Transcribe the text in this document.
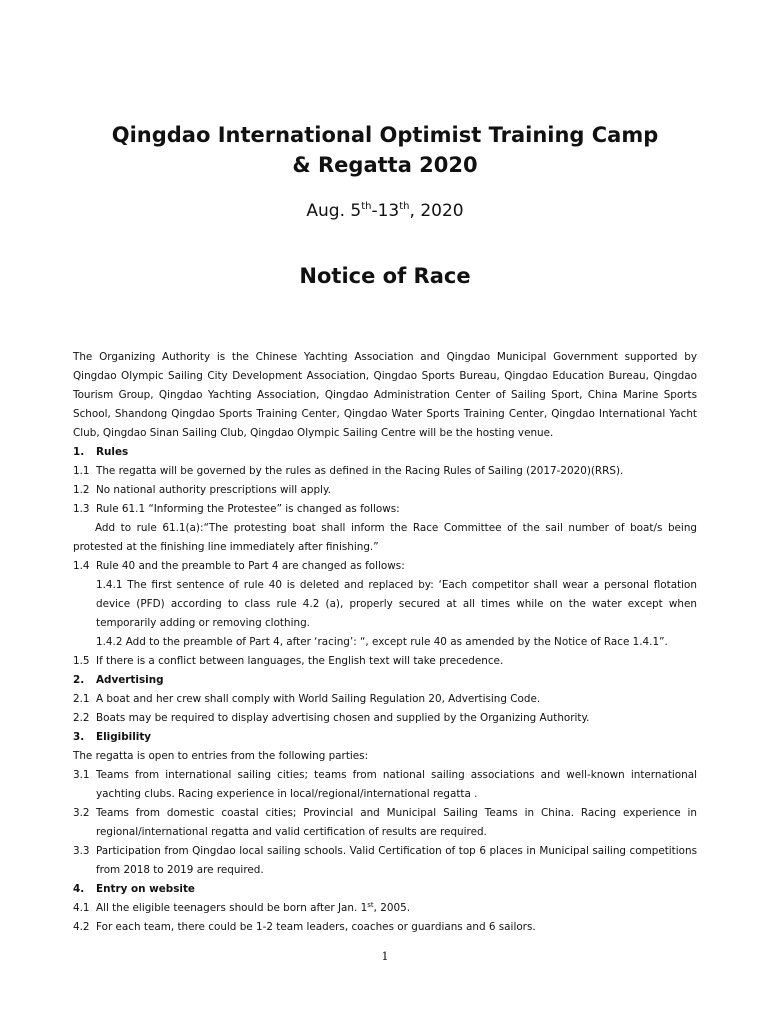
Qingdao International Optimist Training Camp
& Regatta 2020
Aug. 5th-13th, 2020
Notice of Race

The Organizing Authority is the Chinese Yachting Association and Qingdao Municipal Government supported by Qingdao Olympic Sailing City Development Association, Qingdao Sports Bureau, Qingdao Education Bureau, Qingdao Tourism Group, Qingdao Yachting Association, Qingdao Administration Center of Sailing Sport, China Marine Sports School, Shandong Qingdao Sports Training Center, Qingdao Water Sports Training Center, Qingdao International Yacht Club, Qingdao Sinan Sailing Club, Qingdao Olympic Sailing Centre will be the hosting venue.

1. Rules

1.1 The regatta will be governed by the rules as defined in the Racing Rules of Sailing (2017-2020)(RRS).

1.2 No national authority prescriptions will apply.

1.3 Rule 61.1 “Informing the Protestee” is changed as follows:

Add to rule 61.1(a):“The protesting boat shall inform the Race Committee of the sail number of boat/s being protested at the finishing line immediately after finishing.”

1.4 Rule 40 and the preamble to Part 4 are changed as follows:

1.4.1 The first sentence of rule 40 is deleted and replaced by: ‘Each competitor shall wear a personal flotation device (PFD) according to class rule 4.2 (a), properly secured at all times while on the water except when temporarily adding or removing clothing.

1.4.2 Add to the preamble of Part 4, after ‘racing’: “, except rule 40 as amended by the Notice of Race 1.4.1”.

1.5 If there is a conflict between languages, the English text will take precedence.

2. Advertising

2.1 A boat and her crew shall comply with World Sailing Regulation 20, Advertising Code.

2.2 Boats may be required to display advertising chosen and supplied by the Organizing Authority.

3. Eligibility

The regatta is open to entries from the following parties:

3.1 Teams from international sailing cities; teams from national sailing associations and well-known international yachting clubs. Racing experience in local/regional/international regatta .

3.2 Teams from domestic coastal cities; Provincial and Municipal Sailing Teams in China. Racing experience in regional/international regatta and valid certification of results are required.

3.3 Participation from Qingdao local sailing schools. Valid Certification of top 6 places in Municipal sailing competitions from 2018 to 2019 are required.

4. Entry on website

4.1 All the eligible teenagers should be born after Jan. 1st, 2005.

4.2 For each team, there could be 1-2 team leaders, coaches or guardians and 6 sailors.

1
